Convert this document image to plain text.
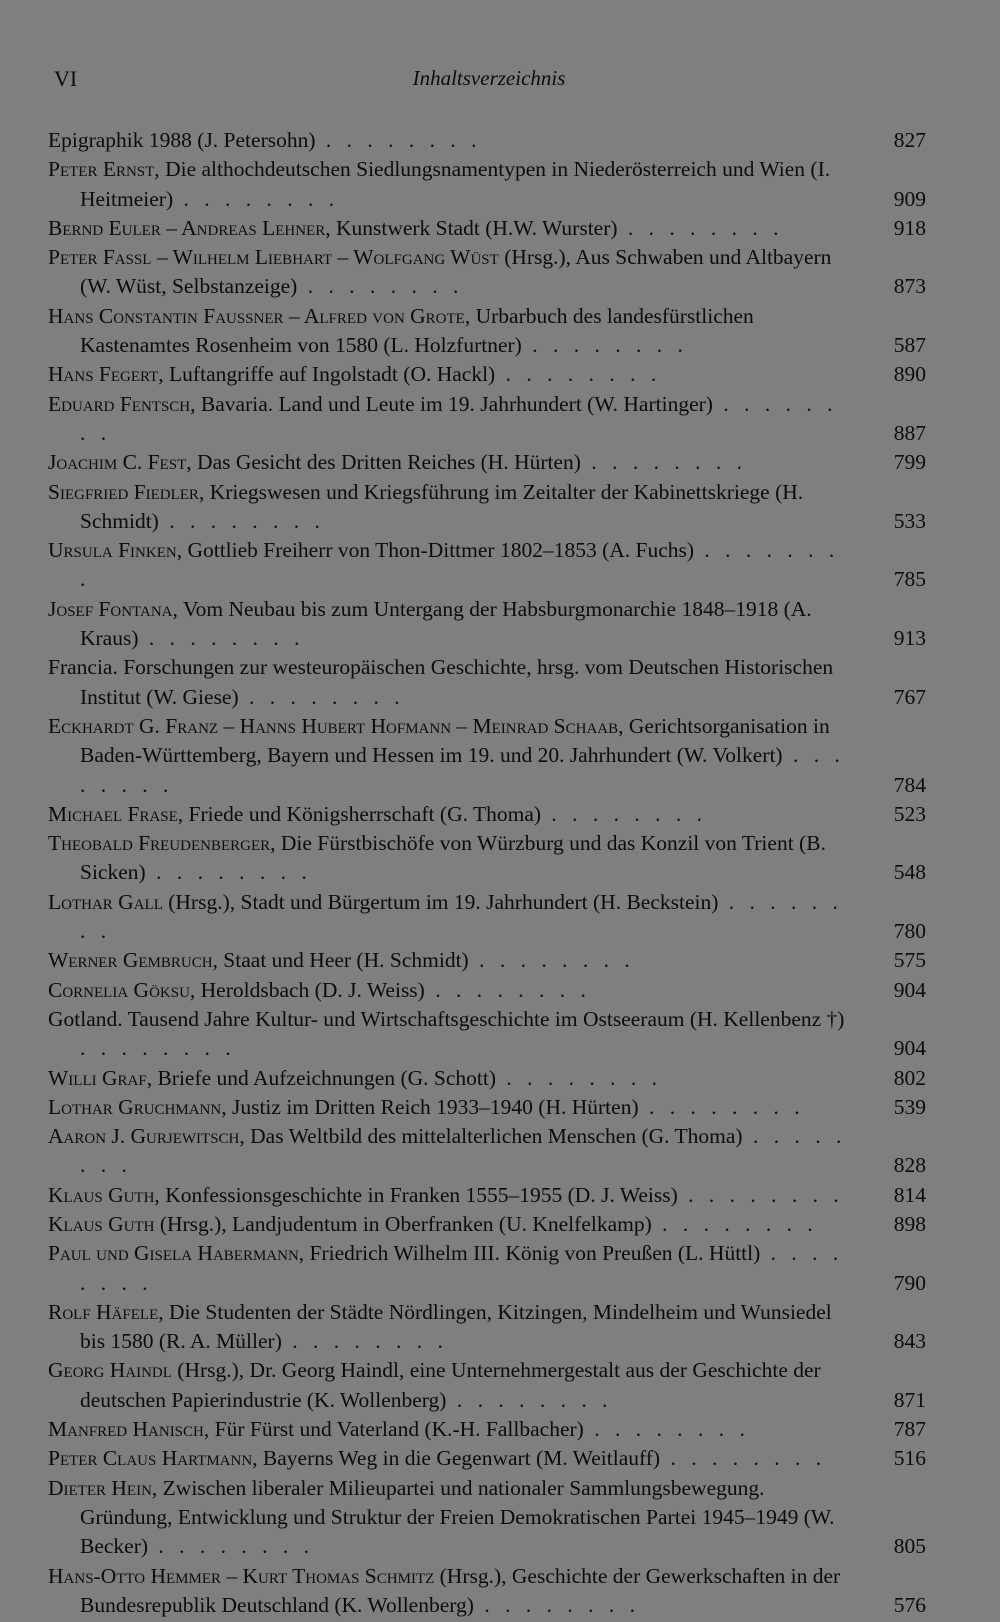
VI	Inhaltsverzeichnis
Epigraphik 1988 (J. Petersohn) . . . . . . . .	827
Peter Ernst, Die althochdeutschen Siedlungsnamentypen in Niederösterreich und Wien (I. Heitmeier) . . . . . . . .	909
Bernd Euler – Andreas Lehner, Kunstwerk Stadt (H.W. Wurster) . . . . . . . .	918
Peter Fassl – Wilhelm Liebhart – Wolfgang Wüst (Hrsg.), Aus Schwaben und Altbayern (W. Wüst, Selbstanzeige) . . . . . . . .	873
Hans Constantin Faussner – Alfred von Grote, Urbarbuch des landesfürstlichen Kastenamtes Rosenheim von 1580 (L. Holzfurtner) . . . . . . . .	587
Hans Fegert, Luftangriffe auf Ingolstadt (O. Hackl) . . . . . . . .	890
Eduard Fentsch, Bavaria. Land und Leute im 19. Jahrhundert (W. Hartinger) . . . . . . . .	887
Joachim C. Fest, Das Gesicht des Dritten Reiches (H. Hürten) . . . . . . . .	799
Siegfried Fiedler, Kriegswesen und Kriegsführung im Zeitalter der Kabinettskriege (H. Schmidt) . . . . . . . .	533
Ursula Finken, Gottlieb Freiherr von Thon-Dittmer 1802–1853 (A. Fuchs) . . . . . . . .	785
Josef Fontana, Vom Neubau bis zum Untergang der Habsburgmonarchie 1848–1918 (A. Kraus) . . . . . . . .	913
Francia. Forschungen zur westeuropäischen Geschichte, hrsg. vom Deutschen Historischen Institut (W. Giese) . . . . . . . .	767
Eckhardt G. Franz – Hanns Hubert Hofmann – Meinrad Schaab, Gerichtsorganisation in Baden-Württemberg, Bayern und Hessen im 19. und 20. Jahrhundert (W. Volkert) . . . . . . . .	784
Michael Frase, Friede und Königsherrschaft (G. Thoma) . . . . . . . .	523
Theobald Freudenberger, Die Fürstbischöfe von Würzburg und das Konzil von Trient (B. Sicken) . . . . . . . .	548
Lothar Gall (Hrsg.), Stadt und Bürgertum im 19. Jahrhundert (H. Beckstein) . . . . . . . .	780
Werner Gembruch, Staat und Heer (H. Schmidt) . . . . . . . .	575
Cornelia Göksu, Heroldsbach (D. J. Weiss) . . . . . . . .	904
Gotland. Tausend Jahre Kultur- und Wirtschaftsgeschichte im Ostseeraum (H. Kellenbenz †) . . . . . . . .	904
Willi Graf, Briefe und Aufzeichnungen (G. Schott) . . . . . . . .	802
Lothar Gruchmann, Justiz im Dritten Reich 1933–1940 (H. Hürten) . . . . . . . .	539
Aaron J. Gurjewitsch, Das Weltbild des mittelalterlichen Menschen (G. Thoma) . . . . . . . .	828
Klaus Guth, Konfessionsgeschichte in Franken 1555–1955 (D. J. Weiss) . . . . . . . .	814
Klaus Guth (Hrsg.), Landjudentum in Oberfranken (U. Knelfelkamp) . . . . . . . .	898
Paul und Gisela Habermann, Friedrich Wilhelm III. König von Preußen (L. Hüttl) . . . . . . . .	790
Rolf Häfele, Die Studenten der Städte Nördlingen, Kitzingen, Mindelheim und Wunsiedel bis 1580 (R. A. Müller) . . . . . . . .	843
Georg Haindl (Hrsg.), Dr. Georg Haindl, eine Unternehmergestalt aus der Geschichte der deutschen Papierindustrie (K. Wollenberg) . . . . . . . .	871
Manfred Hanisch, Für Fürst und Vaterland (K.-H. Fallbacher) . . . . . . . .	787
Peter Claus Hartmann, Bayerns Weg in die Gegenwart (M. Weitlauff) . . . . . . . .	516
Dieter Hein, Zwischen liberaler Milieupartei und nationaler Sammlungsbewegung. Gründung, Entwicklung und Struktur der Freien Demokratischen Partei 1945–1949 (W. Becker) . . . . . . . .	805
Hans-Otto Hemmer – Kurt Thomas Schmitz (Hrsg.), Geschichte der Gewerkschaften in der Bundesrepublik Deutschland (K. Wollenberg) . . . . . . . .	576
